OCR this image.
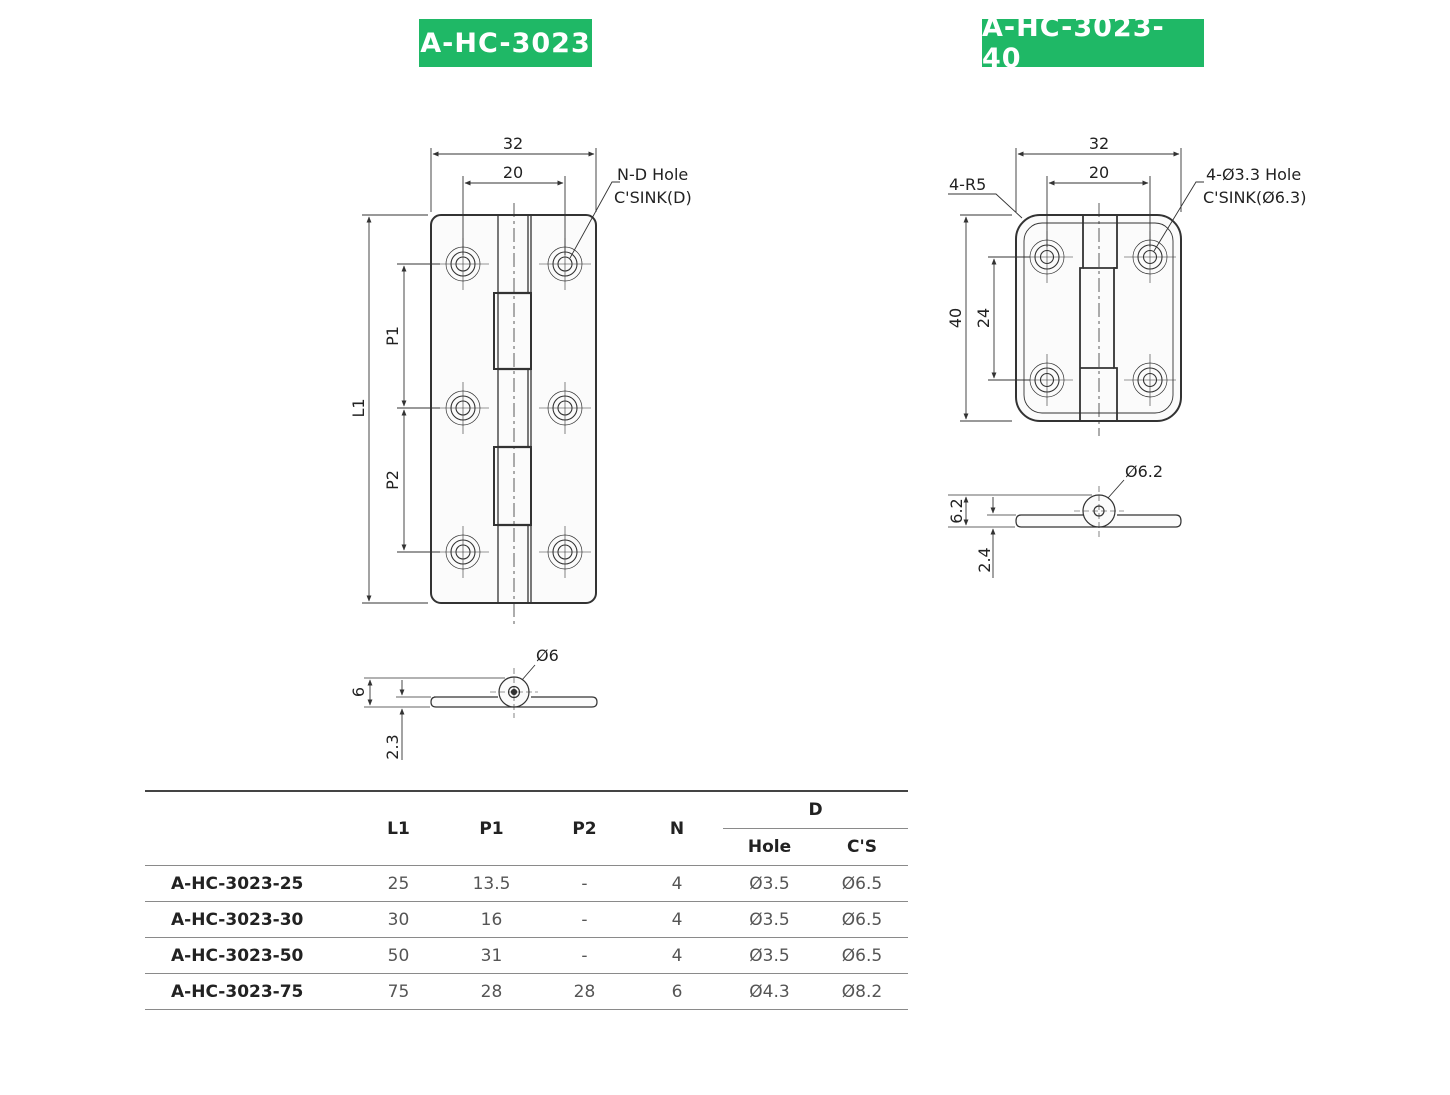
A-HC-3023	A-HC-3023-40
32
20	N-D Hole
C'SINK(D)
L1
P1
P2
Ø6
6
2.3
32
20
4-R5
4-Ø3.3 Hole
C'SINK(Ø6.3)
40 24
Ø6.2
6.2
2.4
	L1	P1	P2	N	D	
					Hole	C'S
A-HC-3023-25	25	13.5	-	4	Ø3.5	Ø6.5
A-HC-3023-30	30	16	-	4	Ø3.5	Ø6.5
A-HC-3023-50	50	31	-	4	Ø3.5	Ø6.5
A-HC-3023-75	75	28	28	6	Ø4.3	Ø8.2
